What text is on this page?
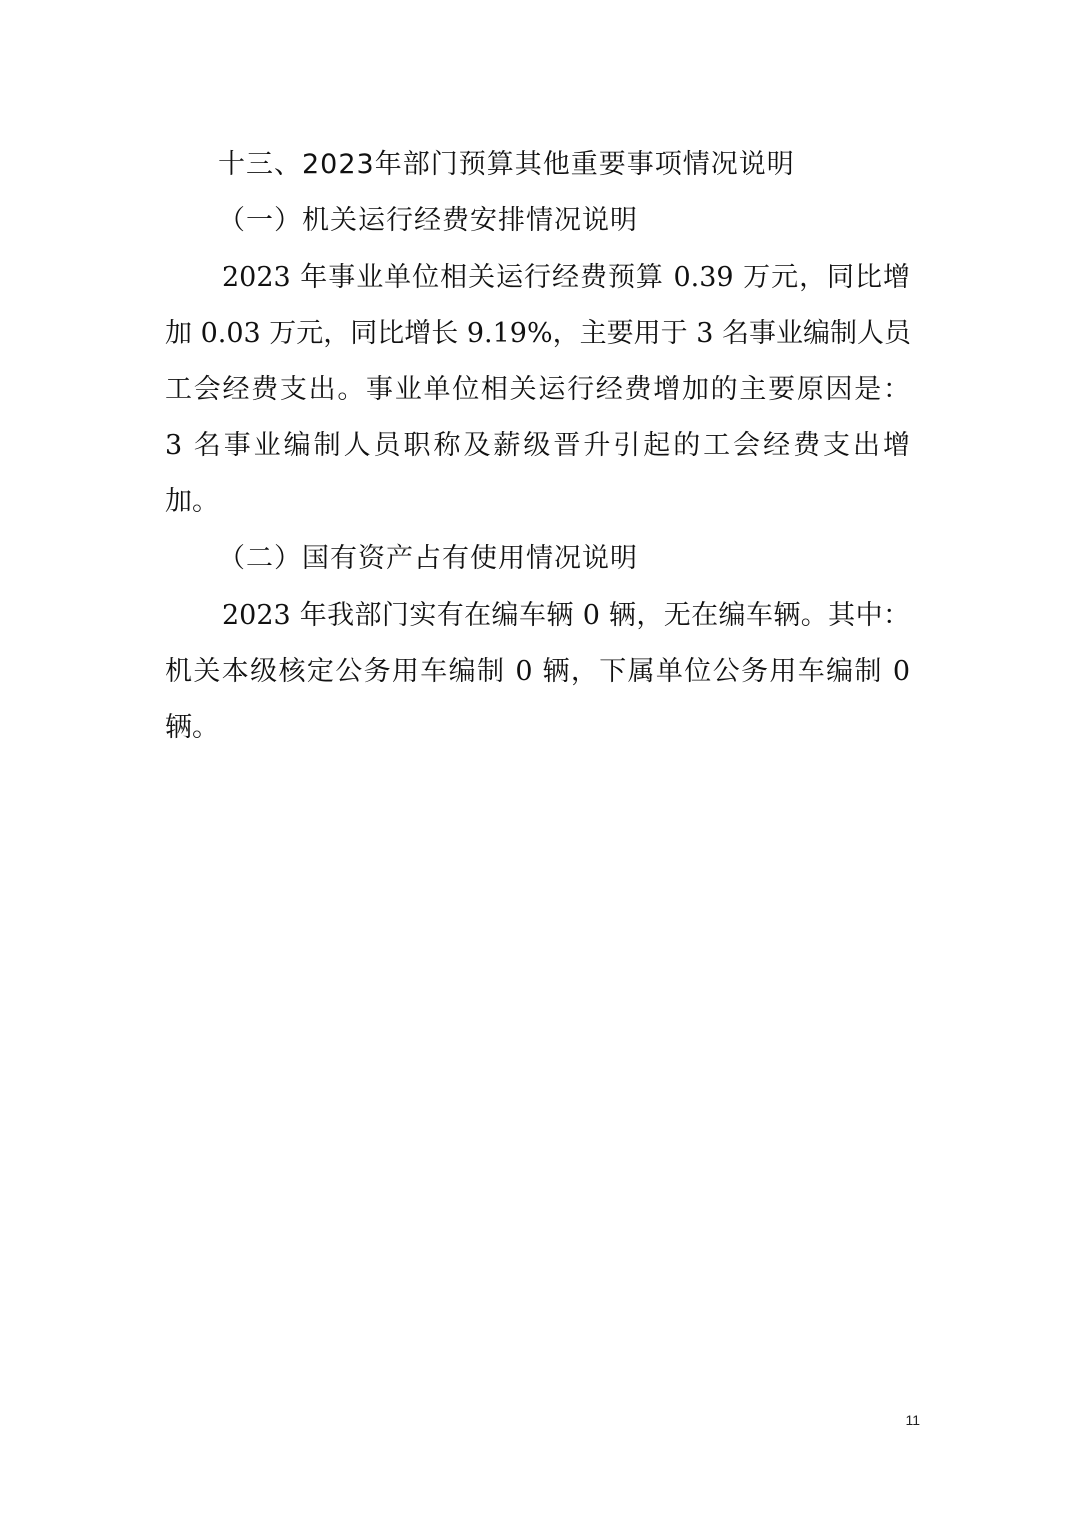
十三、2023年部门预算其他重要事项情况说明
（一）机关运行经费安排情况说明
2023 年事业单位相关运行经费预算 0.39 万元，同比增
加 0.03 万元，同比增长 9.19%，主要用于 3 名事业编制人员
工会经费支出。事业单位相关运行经费增加的主要原因是：
3 名事业编制人员职称及薪级晋升引起的工会经费支出增
加。
（二）国有资产占有使用情况说明
2023 年我部门实有在编车辆 0 辆，无在编车辆。其中：
机关本级核定公务用车编制 0 辆，下属单位公务用车编制 0
辆。
11
